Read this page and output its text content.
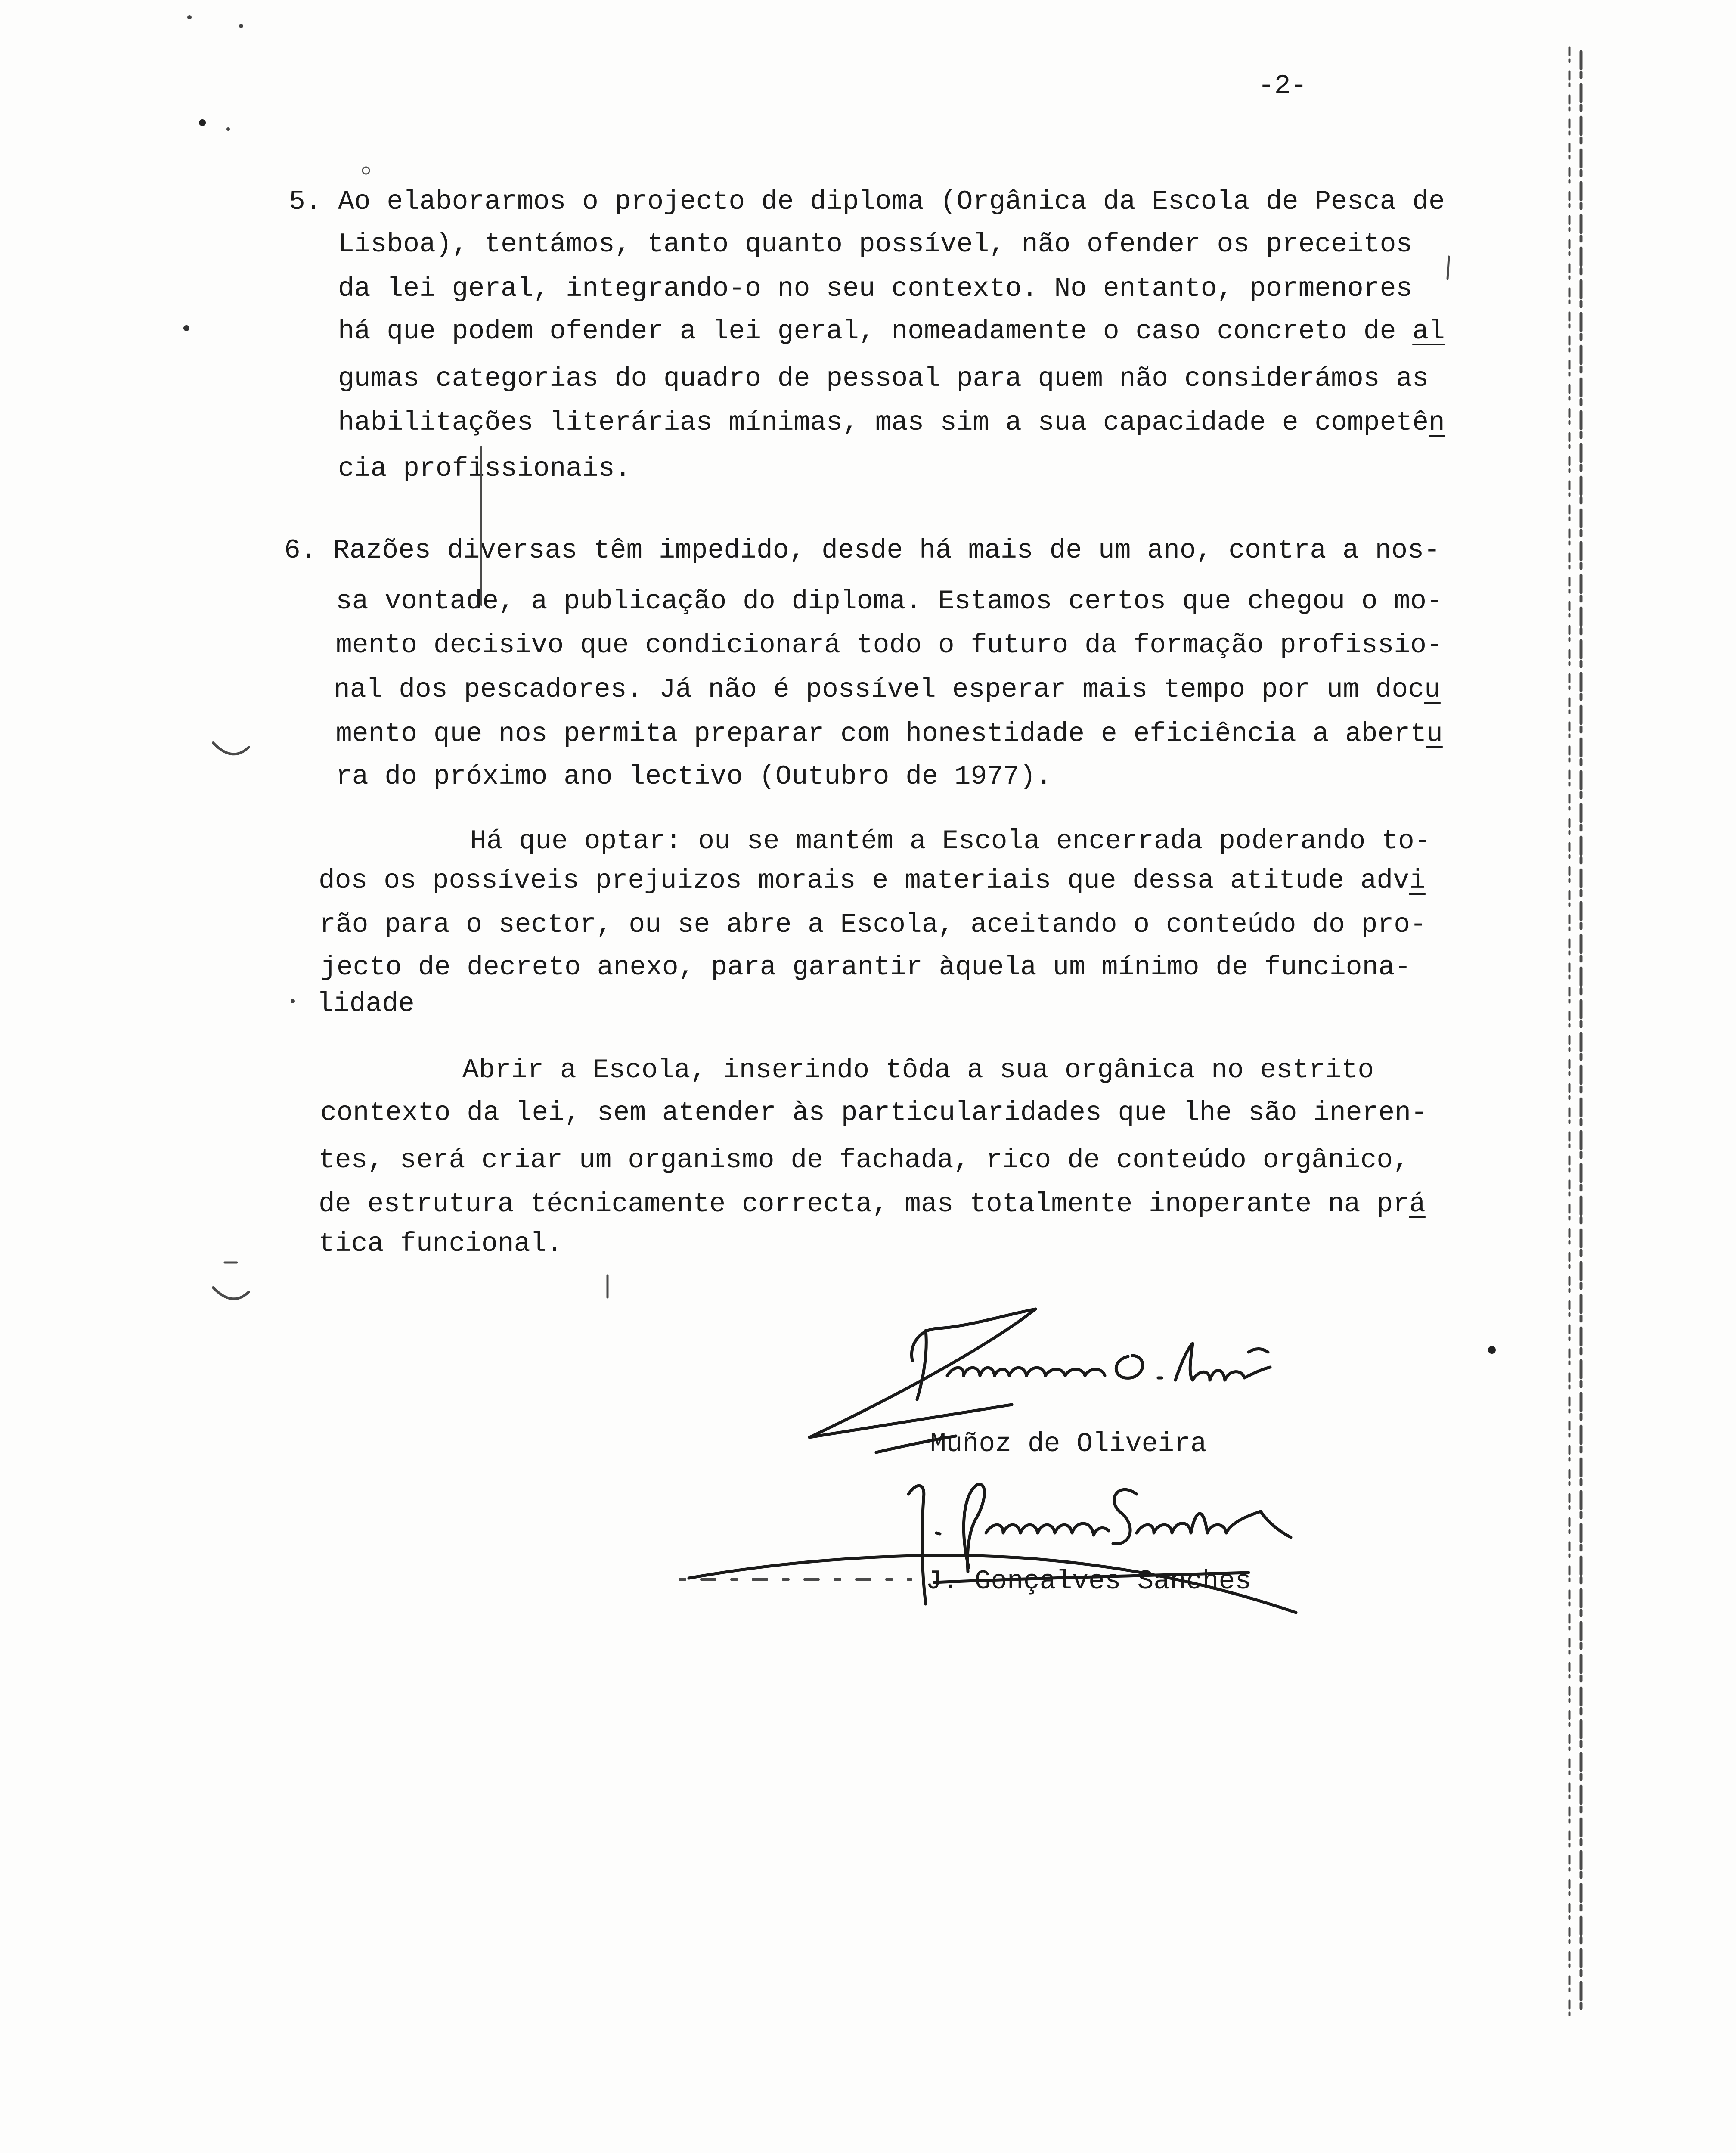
-2-
5. Ao elaborarmos o projecto de diploma (Orgânica da Escola de Pesca de
Lisboa), tentámos, tanto quanto possível, não ofender os preceitos
da lei geral, integrando-o no seu contexto. No entanto, pormenores
há que podem ofender a lei geral, nomeadamente o caso concreto de al
gumas categorias do quadro de pessoal para quem não considerámos as
habilitações literárias mínimas, mas sim a sua capacidade e competên
cia profissionais.
6. Razões diversas têm impedido, desde há mais de um ano, contra a nos-
sa vontade, a publicação do diploma. Estamos certos que chegou o mo-
mento decisivo que condicionará todo o futuro da formação profissio-
nal dos pescadores. Já não é possível esperar mais tempo por um docu
mento que nos permita preparar com honestidade e eficiência a abertu
ra do próximo ano lectivo (Outubro de 1977).
Há que optar: ou se mantém a Escola encerrada poderando to-
dos os possíveis prejuizos morais e materiais que dessa atitude advi
rão para o sector, ou se abre a Escola, aceitando o conteúdo do pro-
jecto de decreto anexo, para garantir àquela um mínimo de funciona-
lidade
Abrir a Escola, inserindo tôda a sua orgânica no estrito
contexto da lei, sem atender às particularidades que lhe são ineren-
tes, será criar um organismo de fachada, rico de conteúdo orgânico,
de estrutura técnicamente correcta, mas totalmente inoperante na prá
tica funcional.
Muñoz de Oliveira
J. Gonçalves Sanches
